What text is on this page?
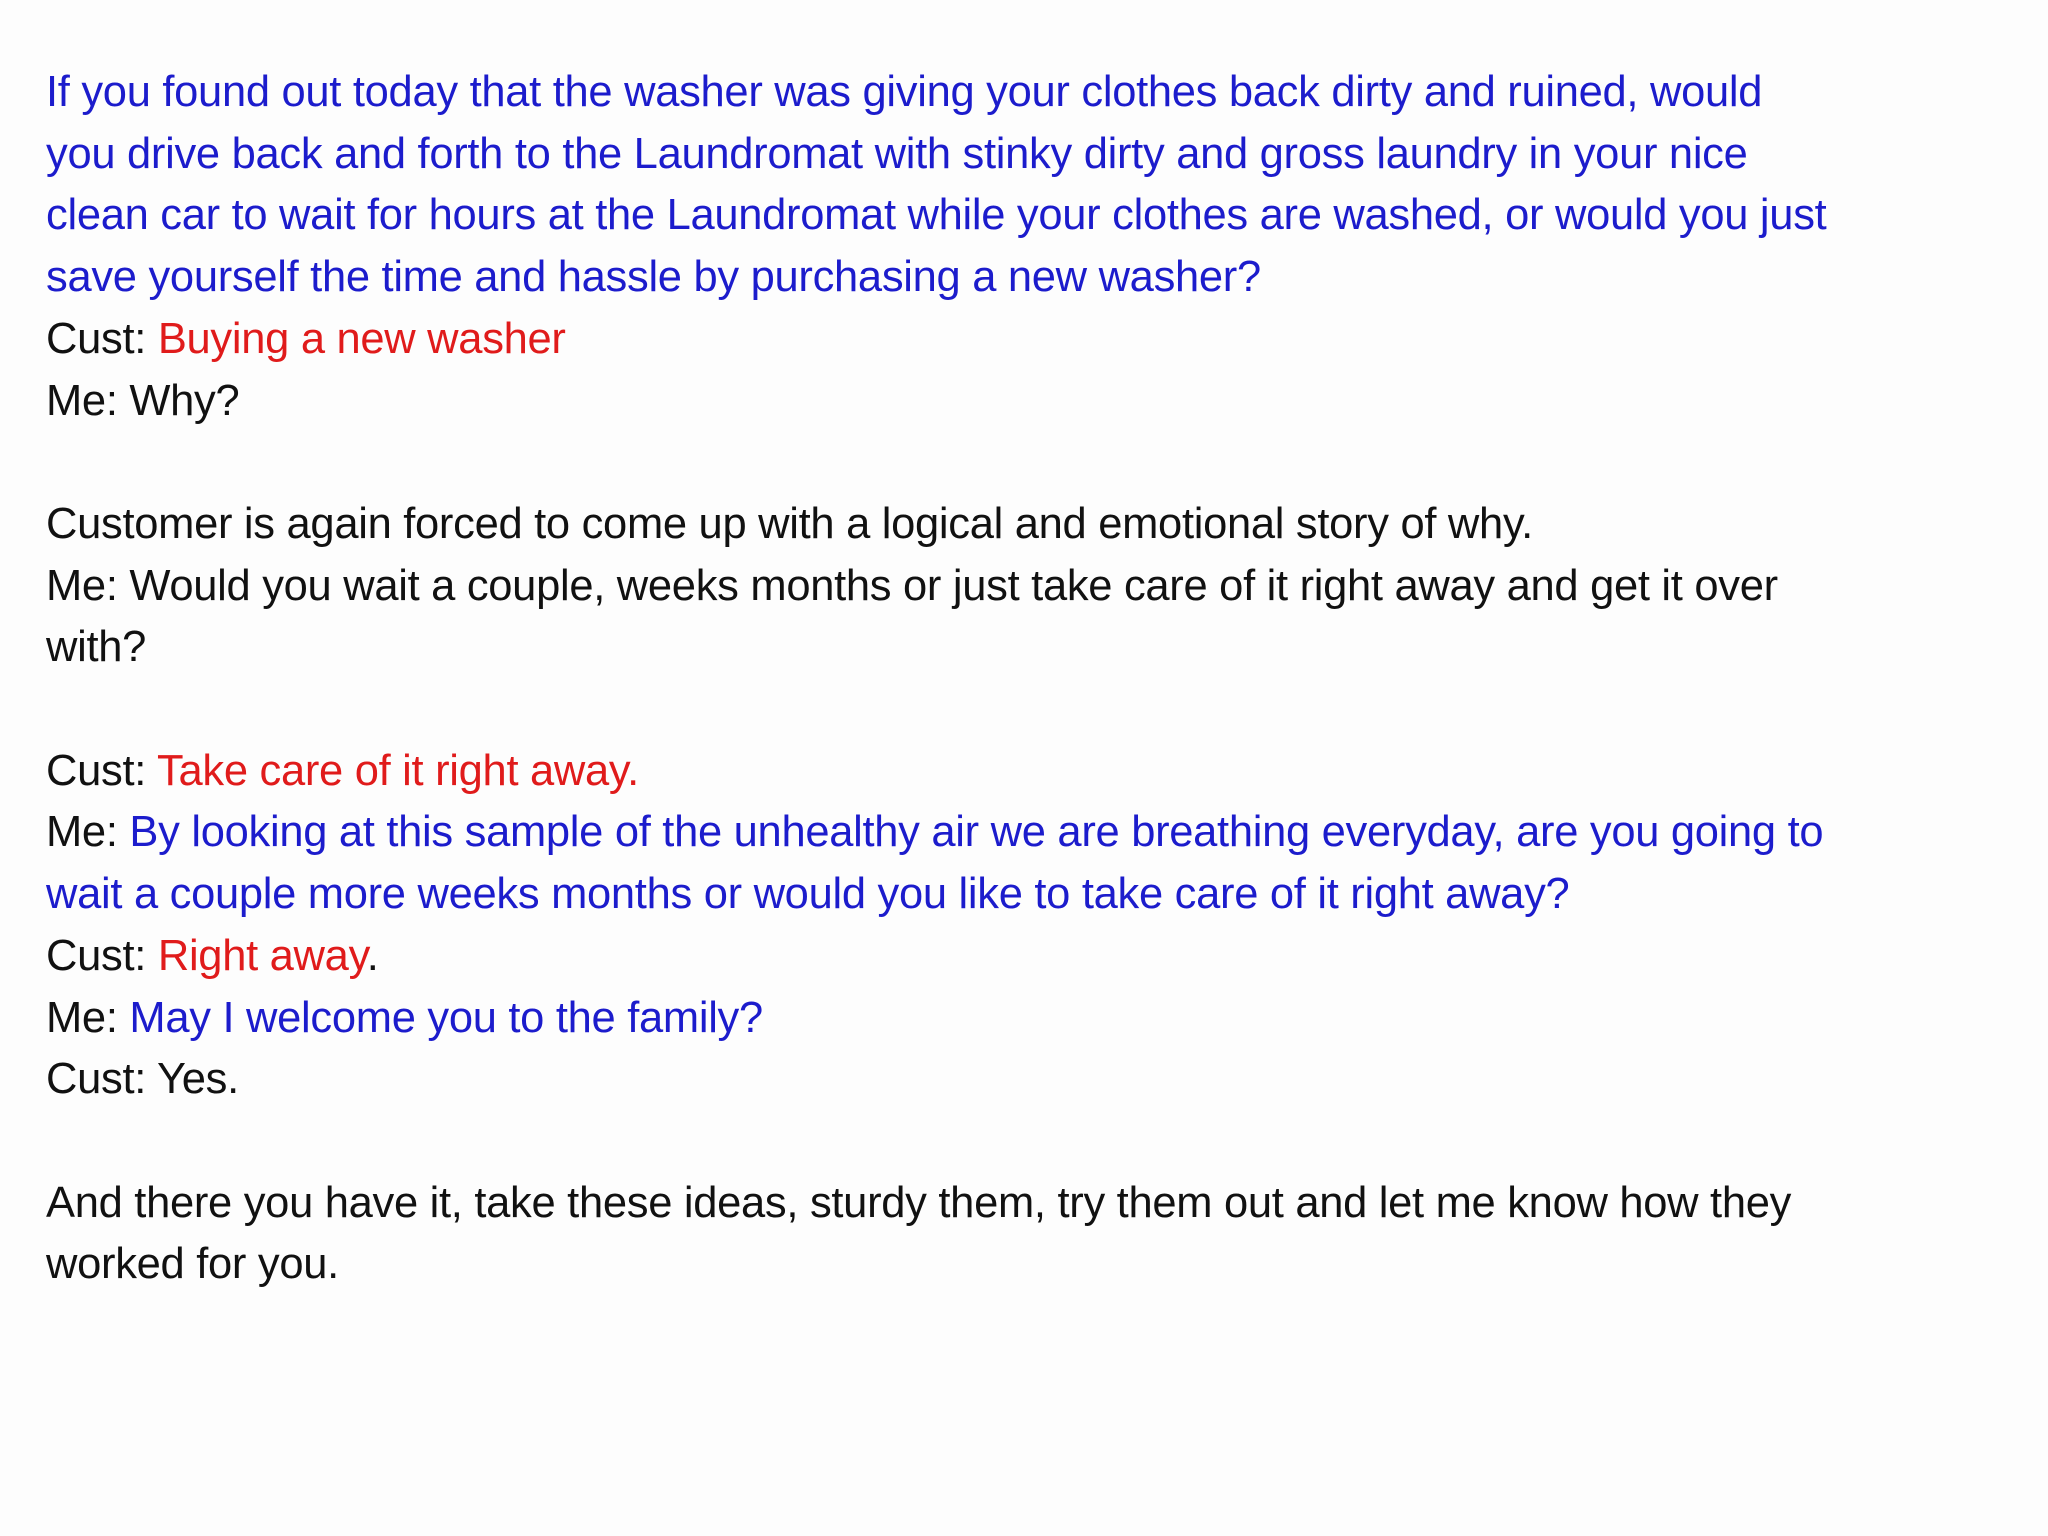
If you found out today that the washer was giving your clothes back dirty and ruined, would
you drive back and forth to the Laundromat with stinky dirty and gross laundry in your nice
clean car to wait for hours at the Laundromat while your clothes are washed, or would you just
save yourself the time and hassle by purchasing a new washer?
Cust: Buying a new washer
Me: Why?
Customer is again forced to come up with a logical and emotional story of why.
Me: Would you wait a couple, weeks months or just take care of it right away and get it over
with?
Cust: Take care of it right away.
Me: By looking at this sample of the unhealthy air we are breathing everyday, are you going to
wait a couple more weeks months or would you like to take care of it right away?
Cust: Right away.
Me: May I welcome you to the family?
Cust: Yes.
And there you have it, take these ideas, sturdy them, try them out and let me know how they
worked for you.
